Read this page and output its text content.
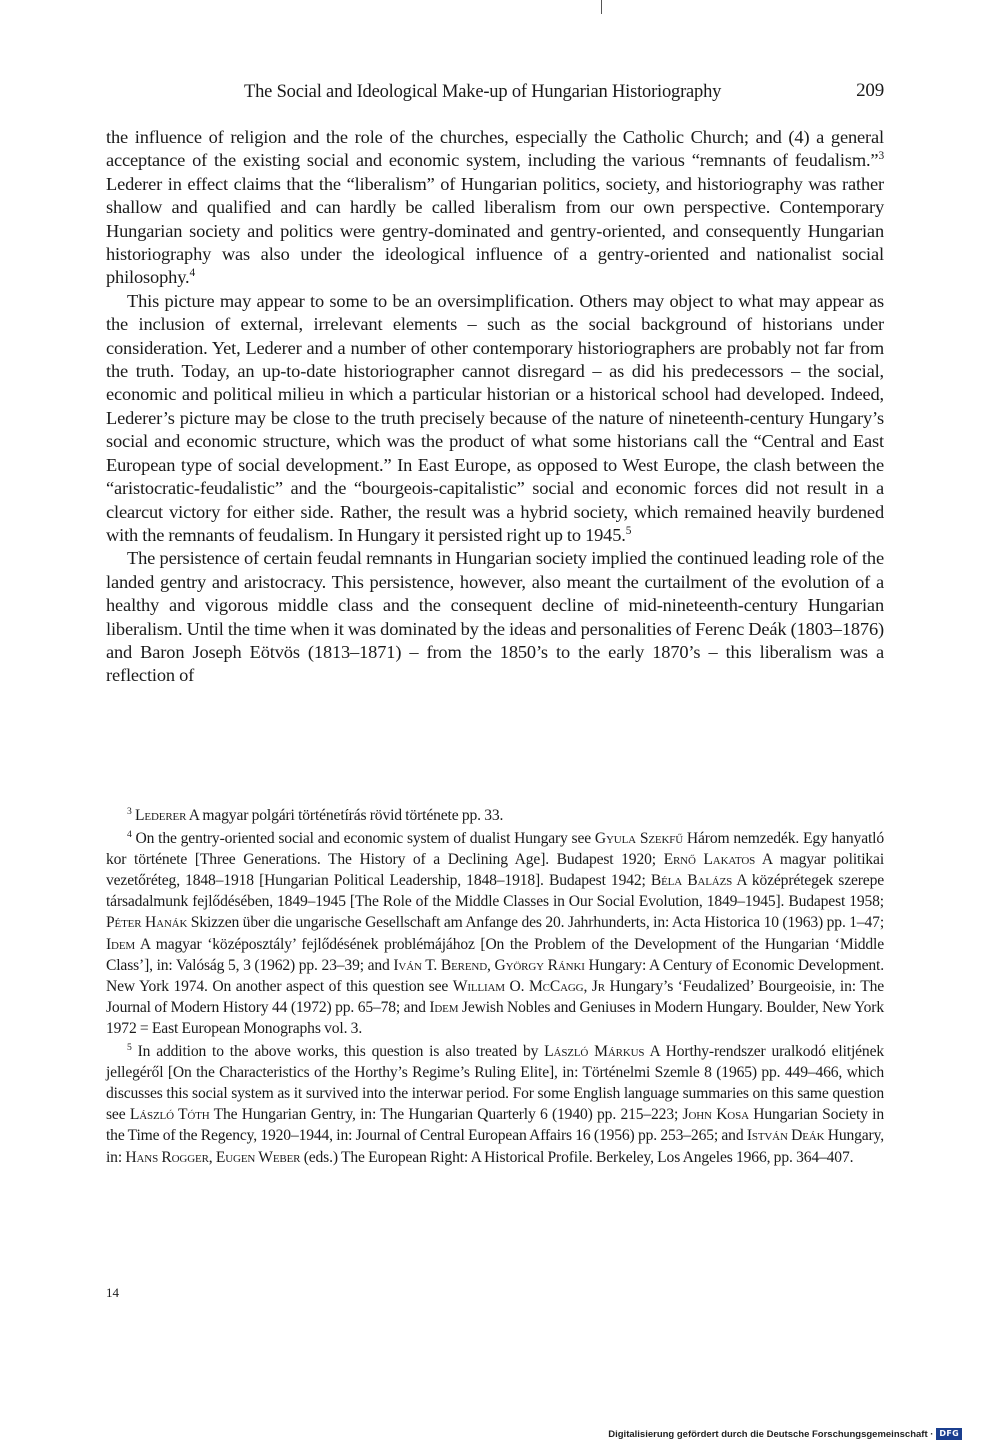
The Social and Ideological Make-up of Hungarian Historiography	209

the influence of religion and the role of the churches, especially the Catholic Church; and (4) a general acceptance of the existing social and economic system, including the various “remnants of feudalism.”$^3$ Lederer in effect claims that the “liberalism” of Hungarian politics, society, and historiography was rather shallow and qualified and can hardly be called liberalism from our own perspective. Contemporary Hungarian society and politics were gentry-dominated and gentry-oriented, and consequently Hungarian historiography was also under the ideological influence of a gentry-oriented and nationalist social philosophy.$^4$

This picture may appear to some to be an oversimplification. Others may object to what may appear as the inclusion of external, irrelevant elements – such as the social background of historians under consideration. Yet, Lederer and a number of other contemporary historiographers are probably not far from the truth. Today, an up-to-date historiographer cannot disregard – as did his predecessors – the social, economic and political milieu in which a particular historian or a historical school had developed. Indeed, Lederer’s picture may be close to the truth precisely because of the nature of nineteenth-century Hungary’s social and economic structure, which was the product of what some historians call the “Central and East European type of social development.” In East Europe, as opposed to West Europe, the clash between the “aristocratic-feudalistic” and the “bourgeois-capitalistic” social and economic forces did not result in a clearcut victory for either side. Rather, the result was a hybrid society, which remained heavily burdened with the remnants of feudalism. In Hungary it persisted right up to 1945.$^5$

The persistence of certain feudal remnants in Hungarian society implied the continued leading role of the landed gentry and aristocracy. This persistence, however, also meant the curtailment of the evolution of a healthy and vigorous middle class and the consequent decline of mid-nineteenth-century Hungarian liberalism. Until the time when it was dominated by the ideas and personalities of Ferenc Deák (1803–1876) and Baron Joseph Eötvös (1813–1871) – from the 1850’s to the early 1870’s – this liberalism was a reflection of

$^3$ Lederer A magyar polgári történetírás rövid története pp. 33.

$^4$ On the gentry-oriented social and economic system of dualist Hungary see Gyula Szekfű Három nemzedék. Egy hanyatló kor története [Three Generations. The History of a Declining Age]. Budapest 1920; Ernő Lakatos A magyar politikai vezetőréteg, 1848–1918 [Hungarian Political Leadership, 1848–1918]. Budapest 1942; Béla Balázs A középrétegek szerepe társadalmunk fejlődésében, 1849–1945 [The Role of the Middle Classes in Our Social Evolution, 1849–1945]. Budapest 1958; Péter Hanák Skizzen über die ungarische Gesellschaft am Anfange des 20. Jahrhunderts, in: Acta Historica 10 (1963) pp. 1–47; Idem A magyar ‘középosztály’ fejlődésének problémájához [On the Problem of the Development of the Hungarian ‘Middle Class’], in: Valóság 5, 3 (1962) pp. 23–39; and Iván T. Berend, György Ránki Hungary: A Century of Economic Development. New York 1974. On another aspect of this question see William O. McCagg, Jr Hungary’s ‘Feudalized’ Bourgeoisie, in: The Journal of Modern History 44 (1972) pp. 65–78; and Idem Jewish Nobles and Geniuses in Modern Hungary. Boulder, New York 1972 = East European Monographs vol. 3.

$^5$ In addition to the above works, this question is also treated by László Márkus A Horthy-rendszer uralkodó elitjének jellegéről [On the Characteristics of the Horthy’s Regime’s Ruling Elite], in: Történelmi Szemle 8 (1965) pp. 449–466, which discusses this social system as it survived into the interwar period. For some English language summaries on this same question see László Tóth The Hungarian Gentry, in: The Hungarian Quarterly 6 (1940) pp. 215–223; John Kosa Hungarian Society in the Time of the Regency, 1920–1944, in: Journal of Central European Affairs 16 (1956) pp. 253–265; and István Deák Hungary, in: Hans Rogger, Eugen Weber (eds.) The European Right: A Historical Profile. Berkeley, Los Angeles 1966, pp. 364–407.

14
Digitalisierung gefördert durch die Deutsche Forschungsgemeinschaft · DFG
